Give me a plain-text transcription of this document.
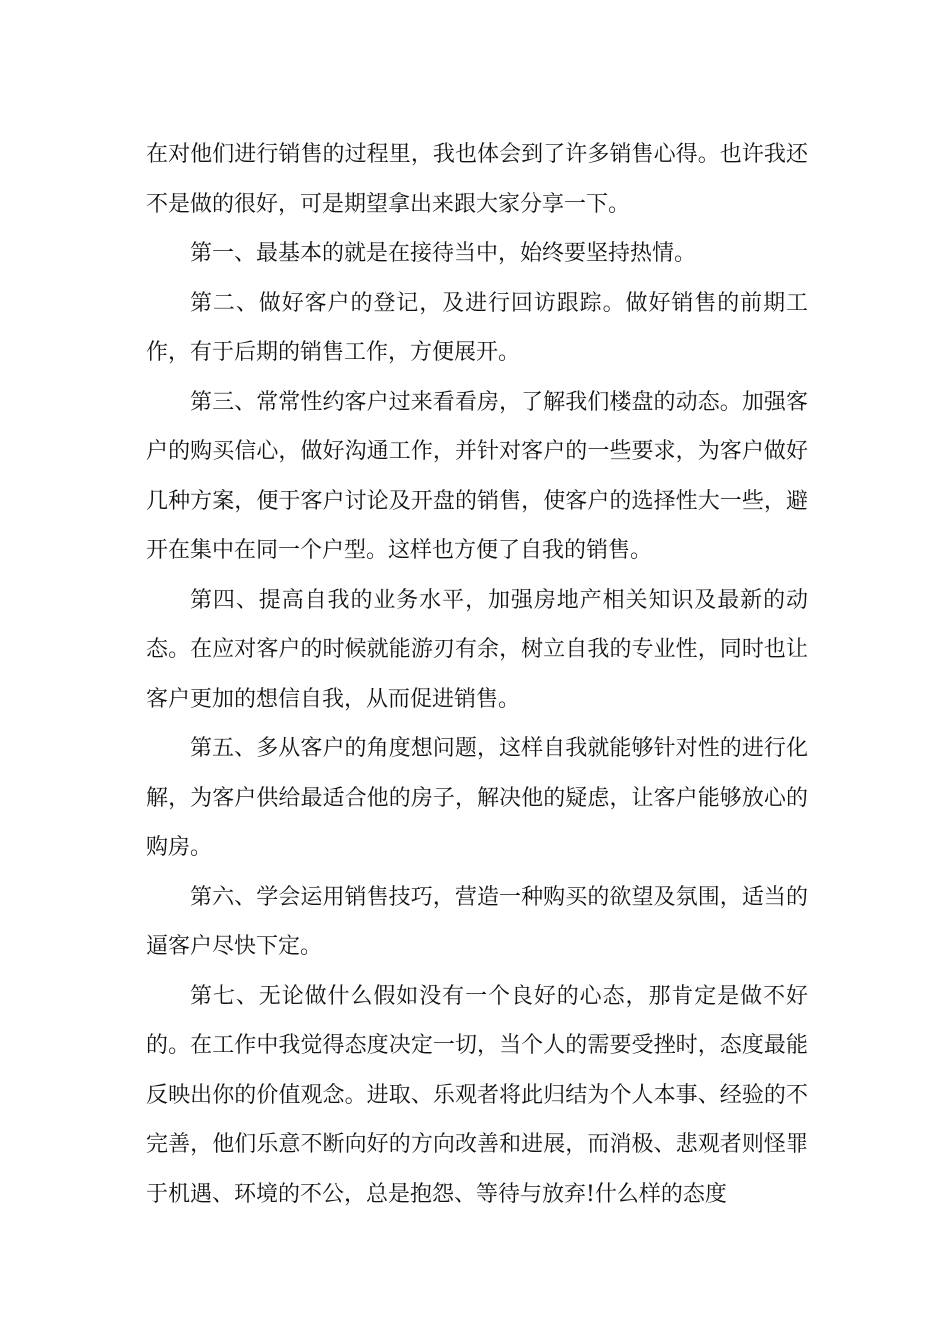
在对他们进行销售的过程里，我也体会到了许多销售心得。也许我还不是做的很好，可是期望拿出来跟大家分享一下。

第一、最基本的就是在接待当中，始终要坚持热情。

第二、做好客户的登记，及进行回访跟踪。做好销售的前期工作，有于后期的销售工作，方便展开。

第三、常常性约客户过来看看房，了解我们楼盘的动态。加强客户的购买信心，做好沟通工作，并针对客户的一些要求，为客户做好几种方案，便于客户讨论及开盘的销售，使客户的选择性大一些，避开在集中在同一个户型。这样也方便了自我的销售。

第四、提高自我的业务水平，加强房地产相关知识及最新的动态。在应对客户的时候就能游刃有余，树立自我的专业性，同时也让客户更加的想信自我，从而促进销售。

第五、多从客户的角度想问题，这样自我就能够针对性的进行化解，为客户供给最适合他的房子，解决他的疑虑，让客户能够放心的购房。

第六、学会运用销售技巧，营造一种购买的欲望及氛围，适当的逼客户尽快下定。

第七、无论做什么假如没有一个良好的心态，那肯定是做不好的。在工作中我觉得态度决定一切，当个人的需要受挫时，态度最能反映出你的价值观念。进取、乐观者将此归结为个人本事、经验的不完善，他们乐意不断向好的方向改善和进展，而消极、悲观者则怪罪于机遇、环境的不公，总是抱怨、等待与放弃!什么样的态度
